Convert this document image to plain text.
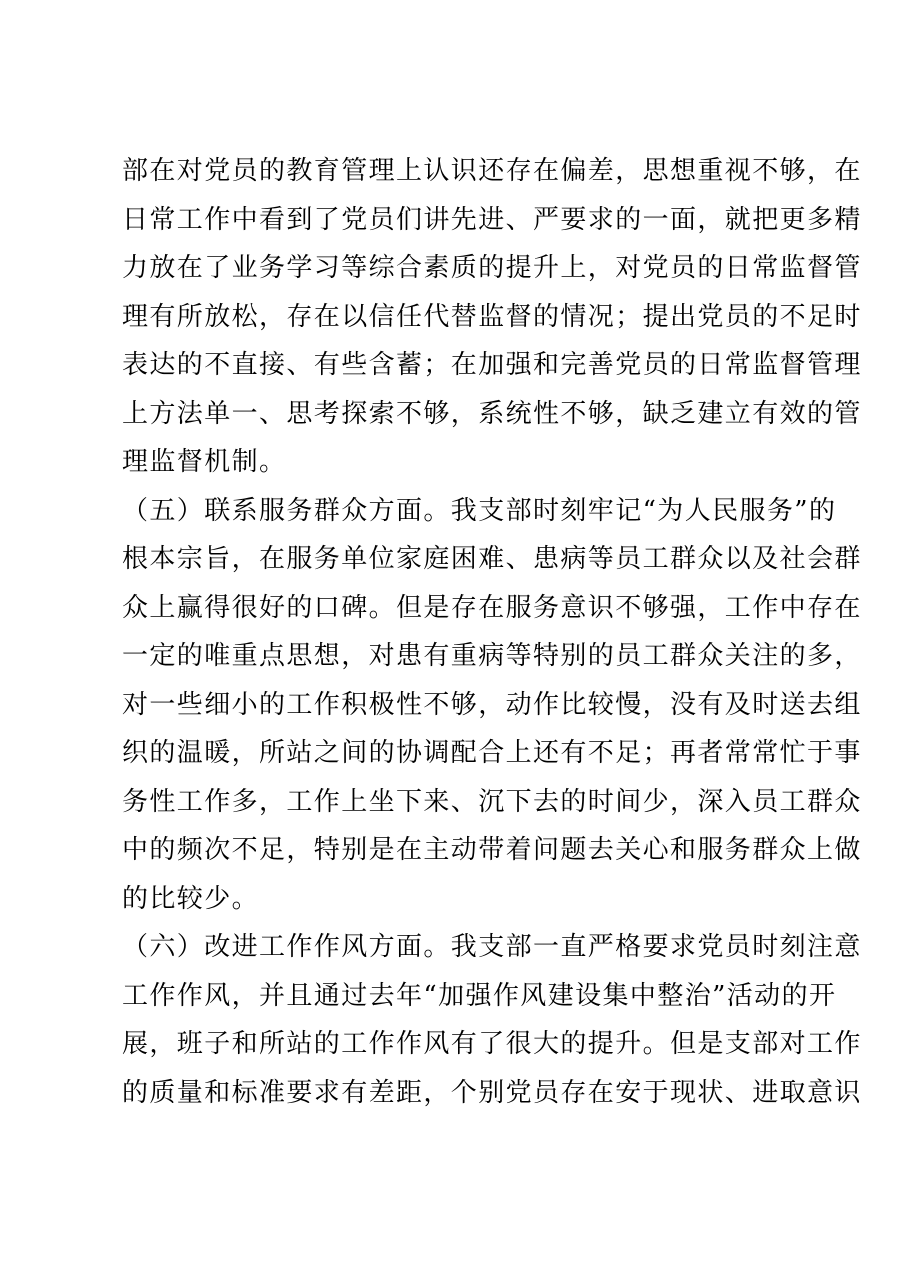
部在对党员的教育管理上认识还存在偏差，思想重视不够，在
日常工作中看到了党员们讲先进、严要求的一面，就把更多精
力放在了业务学习等综合素质的提升上，对党员的日常监督管
理有所放松，存在以信任代替监督的情况；提出党员的不足时
表达的不直接、有些含蓄；在加强和完善党员的日常监督管理
上方法单一、思考探索不够，系统性不够，缺乏建立有效的管
理监督机制。
（五）联系服务群众方面。我支部时刻牢记“为人民服务”的
根本宗旨，在服务单位家庭困难、患病等员工群众以及社会群
众上赢得很好的口碑。但是存在服务意识不够强，工作中存在
一定的唯重点思想，对患有重病等特别的员工群众关注的多，
对一些细小的工作积极性不够，动作比较慢，没有及时送去组
织的温暖，所站之间的协调配合上还有不足；再者常常忙于事
务性工作多，工作上坐下来、沉下去的时间少，深入员工群众
中的频次不足，特别是在主动带着问题去关心和服务群众上做
的比较少。
（六）改进工作作风方面。我支部一直严格要求党员时刻注意
工作作风，并且通过去年“加强作风建设集中整治”活动的开
展，班子和所站的工作作风有了很大的提升。但是支部对工作
的质量和标准要求有差距，个别党员存在安于现状、进取意识
